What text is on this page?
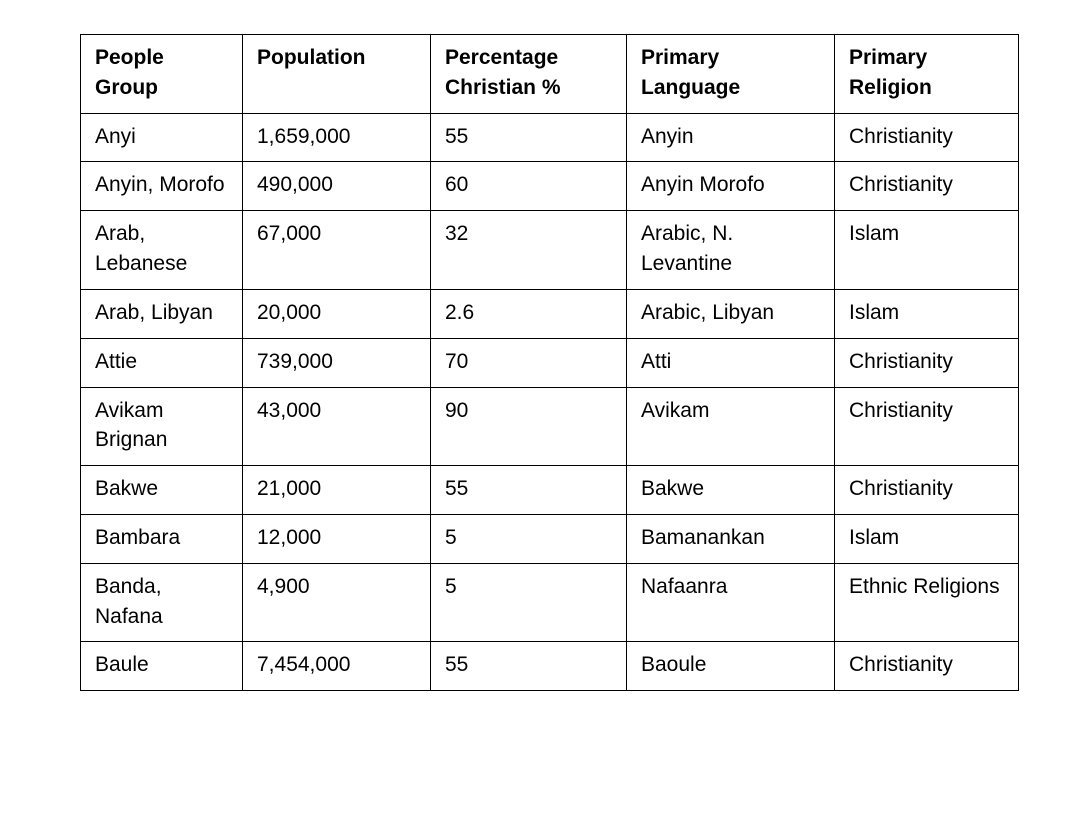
People Group	Population	Percentage Christian %	Primary Language	Primary Religion

Anyi	1,659,000	55	Anyin	Christianity

Anyin, Morofo	490,000	60	Anyin Morofo	Christianity

Arab, Lebanese	67,000	32	Arabic, N. Levantine	Islam

Arab, Libyan	20,000	2.6	Arabic, Libyan	Islam

Attie	739,000	70	Atti	Christianity

Avikam Brignan	43,000	90	Avikam	Christianity

Bakwe	21,000	55	Bakwe	Christianity

Bambara	12,000	5	Bamanankan	Islam

Banda, Nafana	4,900	5	Nafaanra	Ethnic Religions

Baule	7,454,000	55	Baoule	Christianity
